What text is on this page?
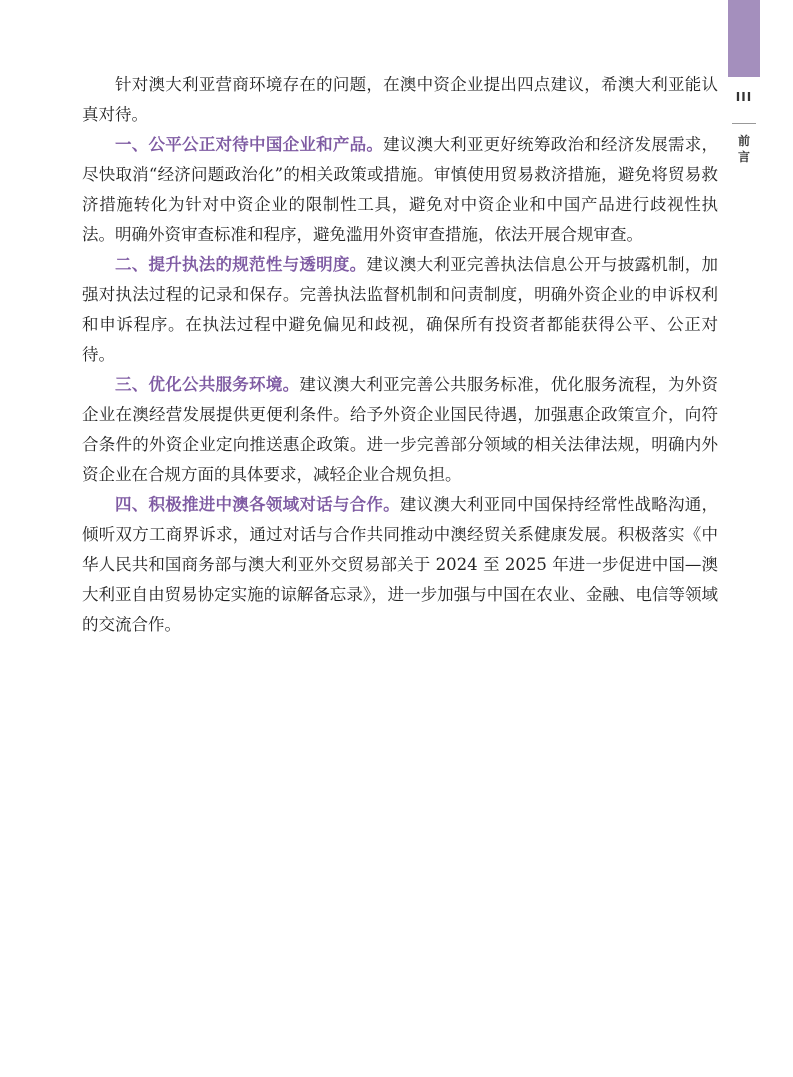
III
前
言

针对澳大利亚营商环境存在的问题，在澳中资企业提出四点建议，希澳大利亚能认真对待。

一、公平公正对待中国企业和产品。建议澳大利亚更好统筹政治和经济发展需求，尽快取消“经济问题政治化”的相关政策或措施。审慎使用贸易救济措施，避免将贸易救济措施转化为针对中资企业的限制性工具，避免对中资企业和中国产品进行歧视性执法。明确外资审查标准和程序，避免滥用外资审查措施，依法开展合规审查。

二、提升执法的规范性与透明度。建议澳大利亚完善执法信息公开与披露机制，加强对执法过程的记录和保存。完善执法监督机制和问责制度，明确外资企业的申诉权利和申诉程序。在执法过程中避免偏见和歧视，确保所有投资者都能获得公平、公正对待。

三、优化公共服务环境。建议澳大利亚完善公共服务标准，优化服务流程，为外资企业在澳经营发展提供更便利条件。给予外资企业国民待遇，加强惠企政策宣介，向符合条件的外资企业定向推送惠企政策。进一步完善部分领域的相关法律法规，明确内外资企业在合规方面的具体要求，减轻企业合规负担。

四、积极推进中澳各领域对话与合作。建议澳大利亚同中国保持经常性战略沟通，倾听双方工商界诉求，通过对话与合作共同推动中澳经贸关系健康发展。积极落实《中华人民共和国商务部与澳大利亚外交贸易部关于 2024 至 2025 年进一步促进中国—澳大利亚自由贸易协定实施的谅解备忘录》，进一步加强与中国在农业、金融、电信等领域的交流合作。
